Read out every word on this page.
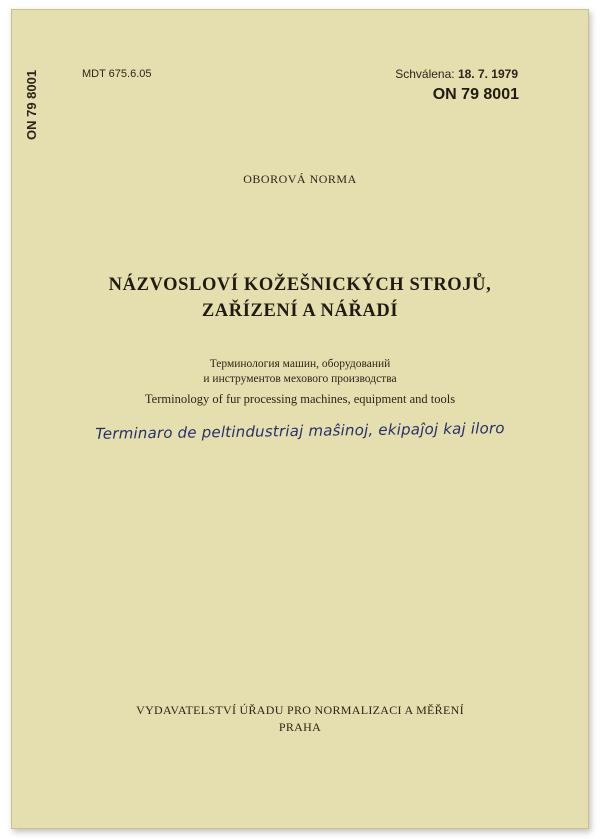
ON 79 8001	MDT 675.6.05	Schválena: 18. 7. 1979
ON 79 8001
OBOROVÁ NORMA
NÁZVOSLOVÍ KOŽEŠNICKÝCH STROJŮ,
ZAŘÍZENÍ A NÁŘADÍ
Терминология машин, оборудований
и инструментов мехового производства
Terminology of fur processing machines, equipment and tools
Terminaro de peltindustriaj maŝinoj, ekipaĵoj kaj iloro
VYDAVATELSTVÍ ÚŘADU PRO NORMALIZACI A MĚŘENÍ
PRAHA
